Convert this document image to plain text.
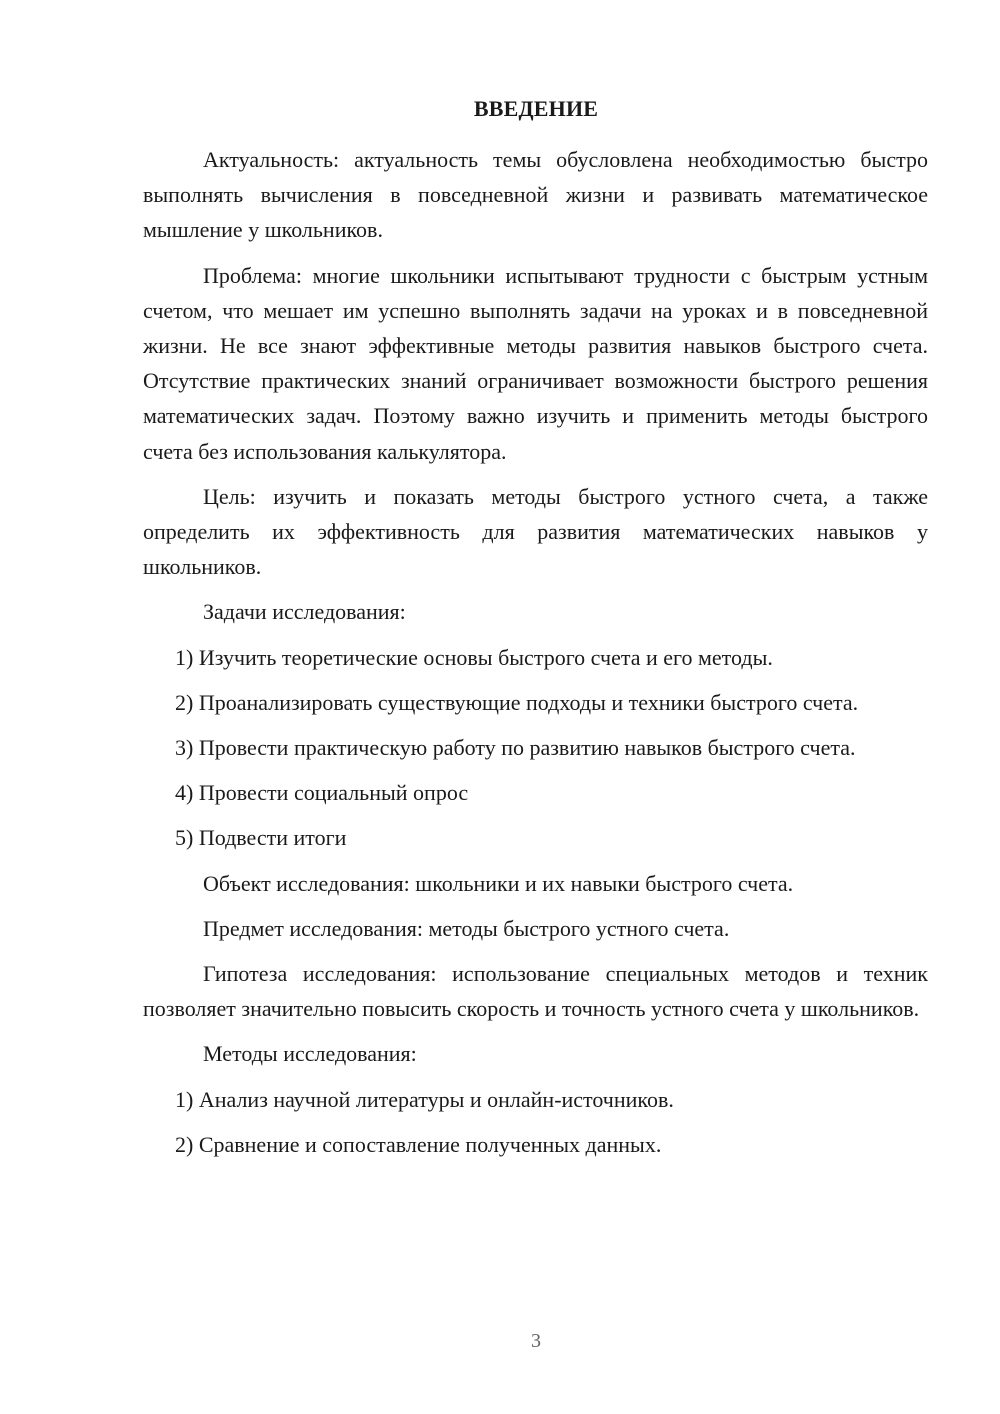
ВВЕДЕНИЕ

Актуальность: актуальность темы обусловлена необходимостью быстро выполнять вычисления в повседневной жизни и развивать математическое мышление у школьников.

Проблема: многие школьники испытывают трудности с быстрым устным счетом, что мешает им успешно выполнять задачи на уроках и в повседневной жизни. Не все знают эффективные методы развития навыков быстрого счета. Отсутствие практических знаний ограничивает возможности быстрого решения математических задач. Поэтому важно изучить и применить методы быстрого счета без использования калькулятора.

Цель: изучить и показать методы быстрого устного счета, а также определить их эффективность для развития математических навыков у школьников.

Задачи исследования:

1) Изучить теоретические основы быстрого счета и его методы.

2) Проанализировать существующие подходы и техники быстрого счета.

3) Провести практическую работу по развитию навыков быстрого счета.

4) Провести социальный опрос

5) Подвести итоги

Объект исследования: школьники и их навыки быстрого счета.

Предмет исследования: методы быстрого устного счета.

Гипотеза исследования: использование специальных методов и техник позволяет значительно повысить скорость и точность устного счета у школьников.

Методы исследования:

1) Анализ научной литературы и онлайн-источников.

2) Сравнение и сопоставление полученных данных.

3
